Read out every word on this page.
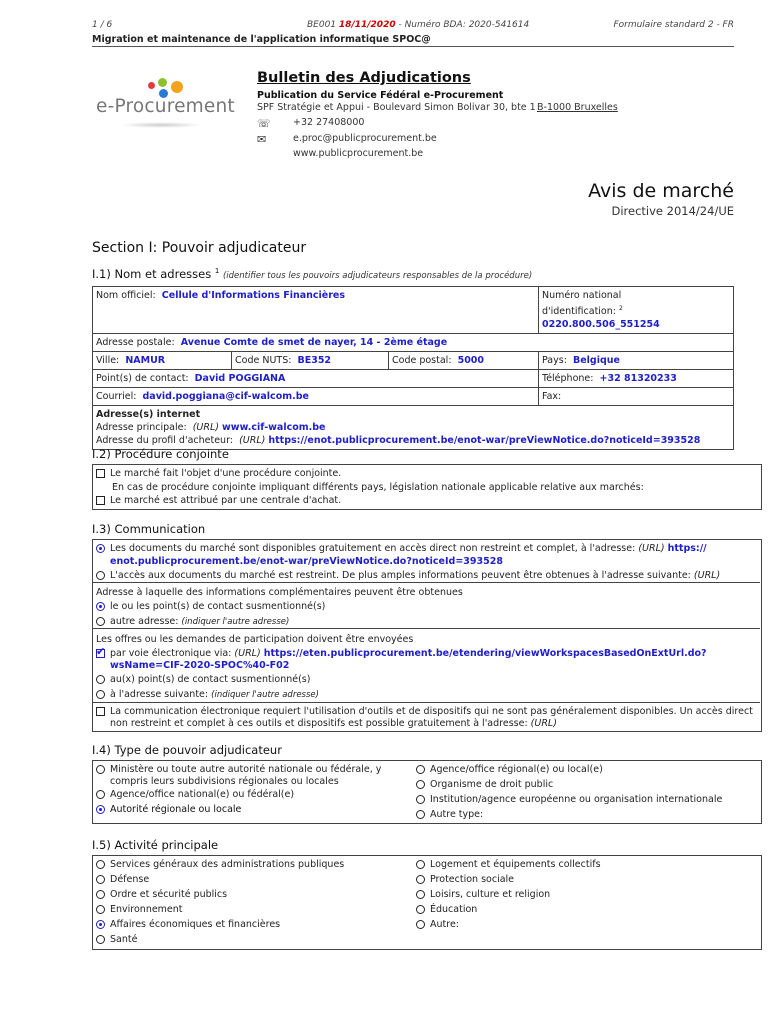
1 / 6	BE001 18/11/2020 - Numéro BDA: 2020-541614	Formulaire standard 2 - FR
Migration et maintenance de l'application informatique SPOC@
e-Procurement
Bulletin des Adjudications
Publication du Service Fédéral e-Procurement
SPF Stratégie et Appui - Boulevard Simon Bolivar 30, bte 1 B-1000 Bruxelles
☏ +32 27408000
✉	e.proc@publicprocurement.be
www.publicprocurement.be
Avis de marché
Directive 2014/24/UE
Section I: Pouvoir adjudicateur
I.1) Nom et adresses $^1$ (identifier tous les pouvoirs adjudicateurs responsables de la procédure)
Nom officiel: Cellule d'Informations Financières			Numéro national
d'identification: $^2$ 0220.800.506_551254
Adresse postale: Avenue Comte de smet de nayer, 14 - 2ème étage			
Ville: NAMUR	Code NUTS: BE352	Code postal: 5000	Pays: Belgique
Point(s) de contact: David POGGIANA			Téléphone: +32 81320233
Courriel: david.poggiana@cif-walcom.be			Fax:
Adresse(s) internet
Adresse principale: (URL) www.cif-walcom.be
Adresse du profil d'acheteur: (URL) https://enot.publicprocurement.be/enot-war/preViewNotice.do?noticeId=393528			
I.2) Procédure conjointe
Le marché fait l'objet d'une procédure conjointe.
En cas de procédure conjointe impliquant différents pays, législation nationale applicable relative aux marchés:
Le marché est attribué par une centrale d'achat.
I.3) Communication
Les documents du marché sont disponibles gratuitement en accès direct non restreint et complet, à l'adresse: (URL) https://
enot.publicprocurement.be/enot-war/preViewNotice.do?noticeId=393528
L'accès aux documents du marché est restreint. De plus amples informations peuvent être obtenues à l'adresse suivante: (URL)
Adresse à laquelle des informations complémentaires peuvent être obtenues
le ou les point(s) de contact susmentionné(s)
autre adresse: (indiquer l'autre adresse)
Les offres ou les demandes de participation doivent être envoyées
✔par voie électronique via: (URL) https://eten.publicprocurement.be/etendering/viewWorkspacesBasedOnExtUrl.do?
wsName=CIF-2020-SPOC%40-F02
au(x) point(s) de contact susmentionné(s)
à l'adresse suivante: (indiquer l'autre adresse)
La communication électronique requiert l'utilisation d'outils et de dispositifs qui ne sont pas généralement disponibles. Un accès direct
non restreint et complet à ces outils et dispositifs est possible gratuitement à l'adresse: (URL)
I.4) Type de pouvoir adjudicateur
Ministère ou toute autre autorité nationale ou fédérale, y
compris leurs subdivisions régionales ou locales
Agence/office national(e) ou fédéral(e)
Autorité régionale ou locale
Agence/office régional(e) ou local(e)
Organisme de droit public
Institution/agence européenne ou organisation internationale
Autre type:
I.5) Activité principale
Services généraux des administrations publiques
Défense
Ordre et sécurité publics
Environnement
Affaires économiques et financières
Santé
Logement et équipements collectifs
Protection sociale
Loisirs, culture et religion
Éducation
Autre:
